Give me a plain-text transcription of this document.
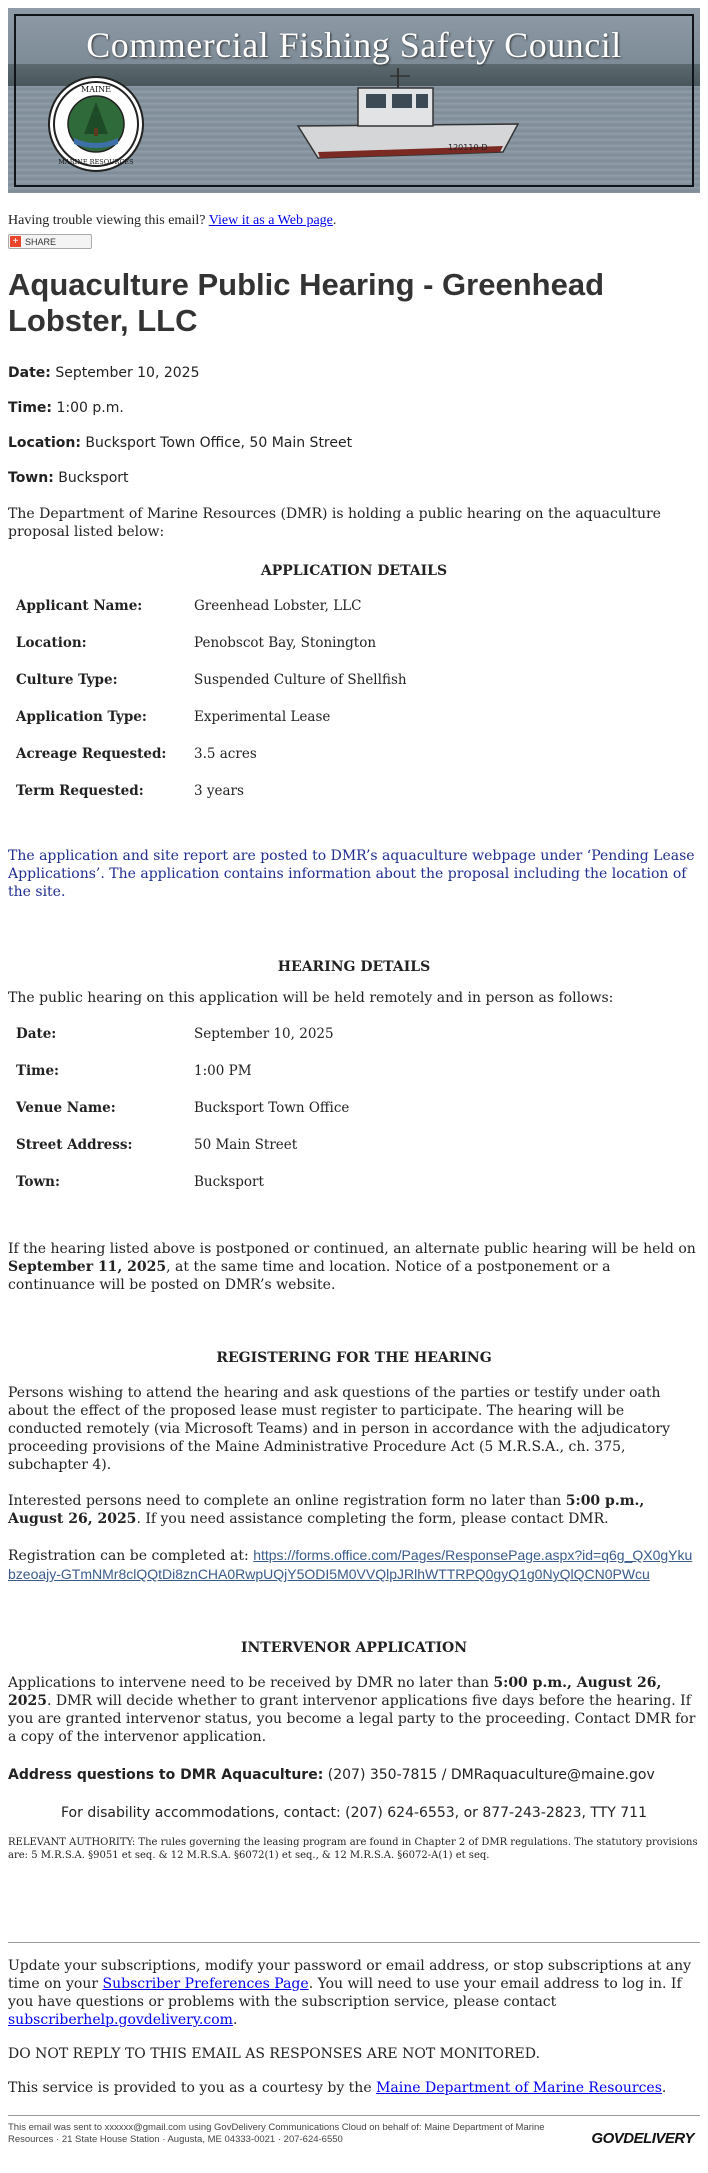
Commercial Fishing Safety Council
MAINE
MARINE RESOURCES
120110-D
Having trouble viewing this email? View it as a Web page.
+ SHARE
Aquaculture Public Hearing - Greenhead Lobster, LLC

Date: September 10, 2025

Time: 1:00 p.m.

Location: Bucksport Town Office, 50 Main Street

Town: Bucksport

The Department of Marine Resources (DMR) is holding a public hearing on the aquaculture proposal listed below:

APPLICATION DETAILS

Applicant Name:	Greenhead Lobster, LLC
Location:	Penobscot Bay, Stonington
Culture Type:	Suspended Culture of Shellfish
Application Type:	Experimental Lease
Acreage Requested:	3.5 acres
Term Requested:	3 years

The application and site report are posted to DMR’s aquaculture webpage under ‘Pending Lease Applications’. The application contains information about the proposal including the location of the site.

HEARING DETAILS

The public hearing on this application will be held remotely and in person as follows:

Date:	September 10, 2025
Time:	1:00 PM
Venue Name:	Bucksport Town Office
Street Address:	50 Main Street
Town:	Bucksport

If the hearing listed above is postponed or continued, an alternate public hearing will be held on September 11, 2025, at the same time and location. Notice of a postponement or a continuance will be posted on DMR’s website.

REGISTERING FOR THE HEARING

Persons wishing to attend the hearing and ask questions of the parties or testify under oath about the effect of the proposed lease must register to participate. The hearing will be conducted remotely (via Microsoft Teams) and in person in accordance with the adjudicatory proceeding provisions of the Maine Administrative Procedure Act (5 M.R.S.A., ch. 375, subchapter 4).

Interested persons need to complete an online registration form no later than 5:00 p.m., August 26, 2025. If you need assistance completing the form, please contact DMR.

Registration can be completed at: https://forms.office.com/Pages/ResponsePage.aspx?id=q6g_QX0gYkubzeoajy-GTmNMr8clQQtDi8znCHA0RwpUQjY5ODI5M0VVQlpJRlhWTTRPQ0gyQ1g0NyQlQCN0PWcu

INTERVENOR APPLICATION

Applications to intervene need to be received by DMR no later than 5:00 p.m., August 26, 2025. DMR will decide whether to grant intervenor applications five days before the hearing. If you are granted intervenor status, you become a legal party to the proceeding. Contact DMR for a copy of the intervenor application.

Address questions to DMR Aquaculture: (207) 350-7815 / DMRaquaculture@maine.gov

For disability accommodations, contact: (207) 624-6553, or 877-243-2823, TTY 711

RELEVANT AUTHORITY: The rules governing the leasing program are found in Chapter 2 of DMR regulations. The statutory provisions are: 5 M.R.S.A. §9051 et seq. & 12 M.R.S.A. §6072(1) et seq., & 12 M.R.S.A. §6072-A(1) et seq.

Update your subscriptions, modify your password or email address, or stop subscriptions at any time on your Subscriber Preferences Page. You will need to use your email address to log in. If you have questions or problems with the subscription service, please contact subscriberhelp.govdelivery.com.

DO NOT REPLY TO THIS EMAIL AS RESPONSES ARE NOT MONITORED.

This service is provided to you as a courtesy by the Maine Department of Marine Resources.

This email was sent to xxxxxx@gmail.com using GovDelivery Communications Cloud on behalf of: Maine Department of Marine Resources · 21 State House Station · Augusta, ME 04333-0021 · 207-624-6550	GOVDELIVERY
